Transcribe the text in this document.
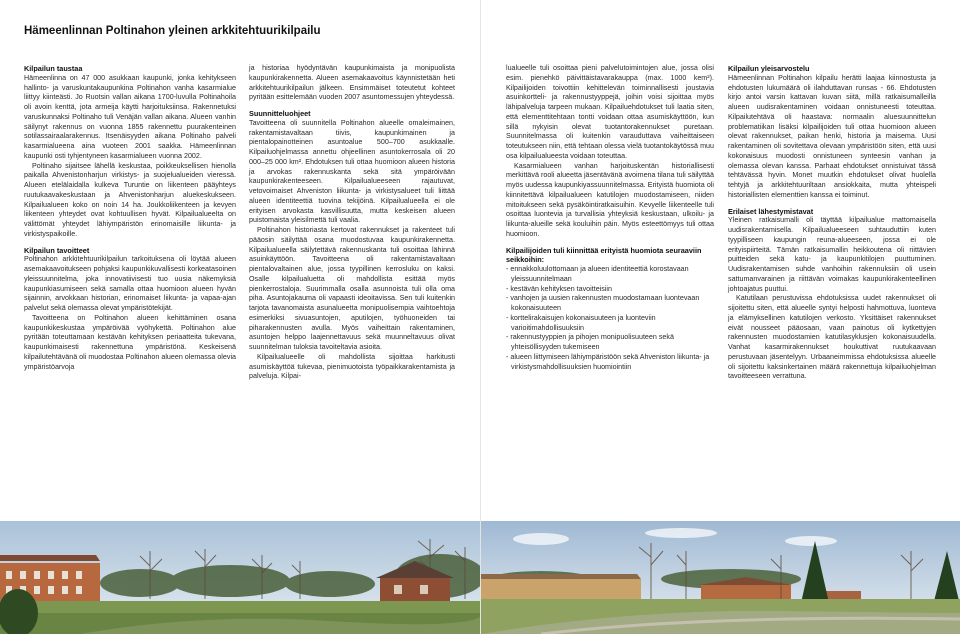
Hämeenlinnan Poltinahon yleinen arkkitehtuurikilpailu
Kilpailun taustaa

Hämeenlinna on 47 000 asukkaan kaupunki, jonka kehitykseen hallinto- ja varuskuntakaupunkina Poltinahon vanha kasarmialue liittyy kiinteästi. Jo Ruotsin vallan aikana 1700-luvulla Poltinahoila oli avoin kenttä, jota armeija käytti harjoituksiinsa. Rakennetuksi varuskunnaksi Poltinaho tuli Venäjän vallan aikana. Alueen vanhin säilynyt rakennus on vuonna 1855 rakennettu puurakenteinen sotilassairaalarakennus. Itsenäisyyden aikana Poltinaho palveli kasarmialueena aina vuoteen 2001 saakka. Hämeenlinnan kaupunki osti tyhjentyneen kasarmialueen vuonna 2002.

Poltinaho sijaitsee lähellä keskustaa, poikkeuksellisen hienolla paikalla Ahvenistonharjun virkistys- ja suojelualueiden vieressä. Alueen etelälaidalla kulkeva Turuntie on liikenteen pääyhteys ruutukaavakeskustaan ja Ahvenistonharjun aluekeskukseen. Kilpailualueen koko on noin 14 ha. Joukkoliikenteen ja kevyen liikenteen yhteydet ovat kohtuullisen hyvät. Kilpailualueelta on välittömät yhteydet lähiympäristön erinomaisille liikunta- ja virkistyspaikoille.

Kilpailun tavoitteet

Poltinahon arkkitehtuurikilpailun tarkoituksena oli löytää alueen asemakaavoitukseen pohjaksi kaupunkikuvallisesti korkeatasoinen yleissuunnitelma, joka innovatiivisesti tuo uusia näkemyksiä kaupunkiasumiseen sekä samalla ottaa huomioon alueen hyvän sijainnin, arvokkaan historian, erinomaiset liikunta- ja vapaa-ajan palvelut sekä olemassa olevat ympäristötekijät.

Tavoitteena on Poltinahon alueen kehittäminen osana kaupunkikeskustaa ympäröivää vyöhykettä. Poltinahon alue pyritään toteuttamaan kestävän kehityksen periaatteita tukevana, kaupunkimaisesti rakennettuna ympäristönä. Keskeisenä kilpailutehtävänä oli muodostaa Poltinahon alueen olemassa olevia ympäristöarvoja

ja historiaa hyödyntävän kaupunkimaista ja monipuolista kaupunkirakennetta. Alueen asemakaavoitus käynnistetään heti arkkitehtuurikilpailun jälkeen. Ensimmäiset toteutetut kohteet pyritään esittelemään vuoden 2007 asuntomessujen yhteydessä.

Suunnitteluohjeet

Tavoitteena oli suunnitella Poltinahon alueelle omaleimainen, rakentamistavaltaan tiivis, kaupunkimainen ja pientalopainotteinen asuntoalue 500–700 asukkaalle. Kilpailuohjelmassa annettu ohjeellinen asuntokerrosala oli 20 000–25 000 km². Ehdotuksen tuli ottaa huomioon alueen historia ja arvokas rakennuskanta sekä sitä ympäröivään kaupunkirakenteeseen. Kilpailualueeseen rajautuvat, vetovoimaiset Ahveniston liikunta- ja virkistysalueet tuli liittää alueen identiteettiä tuovina tekijöinä. Kilpailualueella ei ole erityisen arvokasta kasvillisuutta, mutta keskeisen alueen puistomaista yleisilmettä tuli vaalia.

Poltinahon historiasta kertovat rakennukset ja rakenteet tuli pääosin säilyttää osana muodostuvaa kaupunkirakennetta. Kilpailualueella säilytettävä rakennuskanta tuli osoittaa lähinnä asuinkäyttöön. Tavoitteena oli rakentamistavaltaan pientalovaltainen alue, jossa tyypillinen kerrosluku on kaksi. Osalle kilpailualuetta oli mahdollista esittää myös pienkerrostaloja. Suurimmalla osalla asunnoista tuli olla oma piha. Asuntojakauma oli vapaasti ideoitavissa. Sen tuli kuitenkin tarjota tavanomaista asunalueetta monipuolisempia vaihtoehtoja esimerkiksi sivuasuntojen, aputilojen, työhuoneiden tai piharakennusten avulla. Myös vaiheittain rakentaminen, asuntojen helppo laajennettavuus sekä muunneltavuus olivat suunnitelman tuloksia tavoiteltavia asioita.

Kilpailualueelle oli mahdollista sijoittaa harkitusti asumiskäyttöä tukevaa, pienimuotoista työpaikkarakentamista ja palveluja. Kilpai-

lualueelle tuli osoittaa pieni palvelutoimintojen alue, jossa olisi esim. pienehkö päivittäistavarakauppa (max. 1000 kem²). Kilpailijoiden toivottiin kehittelevän toiminnallisesti joustavia asuinkortteli- ja rakennustyyppejä, joihin voisi sijoittaa myös lähipalveluja tarpeen mukaan. Kilpailuehdotukset tuli laatia siten, että elementtitehtaan tontti voidaan ottaa asumiskäyttöön, kun sillä nykyisin olevat tuotantorakennukset puretaan. Suunnitelmassa oli kuitenkin varauduttava vaiheittaiseen toteutukseen niin, että tehtaan olessa vielä tuotantokäytössä muu osa kilpailualueesta voidaan toteuttaa.

Kasarmialueen vanhan harjoituskentän historiallisesti merkittävä rooli alueetta jäsentävänä avoimena tilana tuli säilyttää myös uudessa kaupunkiyassuunnitelmassa. Erityistä huomiota oli kiinnitettävä kilpailualueen katutilojen muodostamiseen, niiden mitoitukseen sekä pysäköintiratkaisuihin. Kevyelle liikenteelle tuli osoittaa luontevia ja turvallisia yhteyksiä keskustaan, ulkoilu- ja liikunta-alueille sekä kouluihin päin. Myös esteettömyys tuli ottaa huomioon.

Kilpailijoiden tuli kiinnittää erityistä huomiota seuraaviin seikkoihin:
- ennakkoluulottomaan ja alueen identiteettiä korostavaan yleissuunnitelmaan
- kestävän kehityksen tavoitteisiin
- vanhojen ja uusien rakennusten muodostamaan luontevaan kokonaisuuteen
- korttelirakaisujen kokonaisuuteen ja luonteviin varioitimahdollisuuksiin
- rakennustyyppien ja pihojen monipuolisuuteen sekä yhteisöllisyyden tukemiseen
- alueen liittymiseen lähiympäristöön sekä Ahveniston liikunta- ja virkistysmahdollisuuksien huomiointiin
Kilpailun yleisarvostelu

Hämeenlinnan Poltinahon kilpailu herätti laajaa kiinnostusta ja ehdotusten lukumäärä oli ilahduttavan runsas - 66. Ehdotusten kirjo antoi varsin kattavan kuvan siitä, millä ratkaisumalleilla alueen uudisrakentaminen voidaan onnistuneesti toteuttaa. Kilpailutehtävä oli haastava: normaalin aluesuunnittelun problematiikan lisäksi kilpailijoiden tuli ottaa huomioon alueen olevat rakennukset, paikan henki, historia ja maisema. Uusi rakentaminen oli sovitettava olevaan ympäristöön siten, että uusi kokonaisuus muodosti onnistuneen synteesin vanhan ja olemassa olevan kanssa. Parhaat ehdotukset onnistuivat tässä tehtävässä hyvin. Monet muutkin ehdotukset olivat huolella tehtyjä ja arkkitehtuuriltaan ansiokkaita, mutta yhteispeli historiallisten elementtien kanssa ei toiminut.

Erilaiset lähestymistavat

Yleinen ratkaisumalli oli täyttää kilpailualue mattomaisella uudisrakentamisella. Kilpailualueeseen suhtauduttiin kuten tyypilliseen kaupungin reuna-alueeseen, jossa ei ole erityispiirteitä. Tämän ratkaisumallin heikkoutena oli riittävien puitteiden sekä katu- ja kaupunkitilojen puuttuminen. Uudisrakentamisen suhde vanhoihin rakennuksiin oli usein sattumanvarainen ja riittävän voimakas kaupunkirakenteellinen johtoajatus puuttui.

Katutilaan perustuvissa ehdotuksissa uudet rakennukset oli sijoitettu siten, että alueelle syntyi helposti hahmottuva, luonteva ja elämyksellinen katutilojen verkosto. Yksittäiset rakennukset eivät nousseet pääosaan, vaan painotus oli kytkettyjen rakennusten muodostamien katutilasyklusjen kokonaisuudella. Vanhat kasarmirakennukset houkuttivat ruutukaavaan perustuvaan jäsentelyyn. Urbaaneimmissa ehdotuksissa alueelle oli sijoitettu kaksinkertainen määrä rakennettuja kilpailuohjelman tavoitteeseen verrattuna.
